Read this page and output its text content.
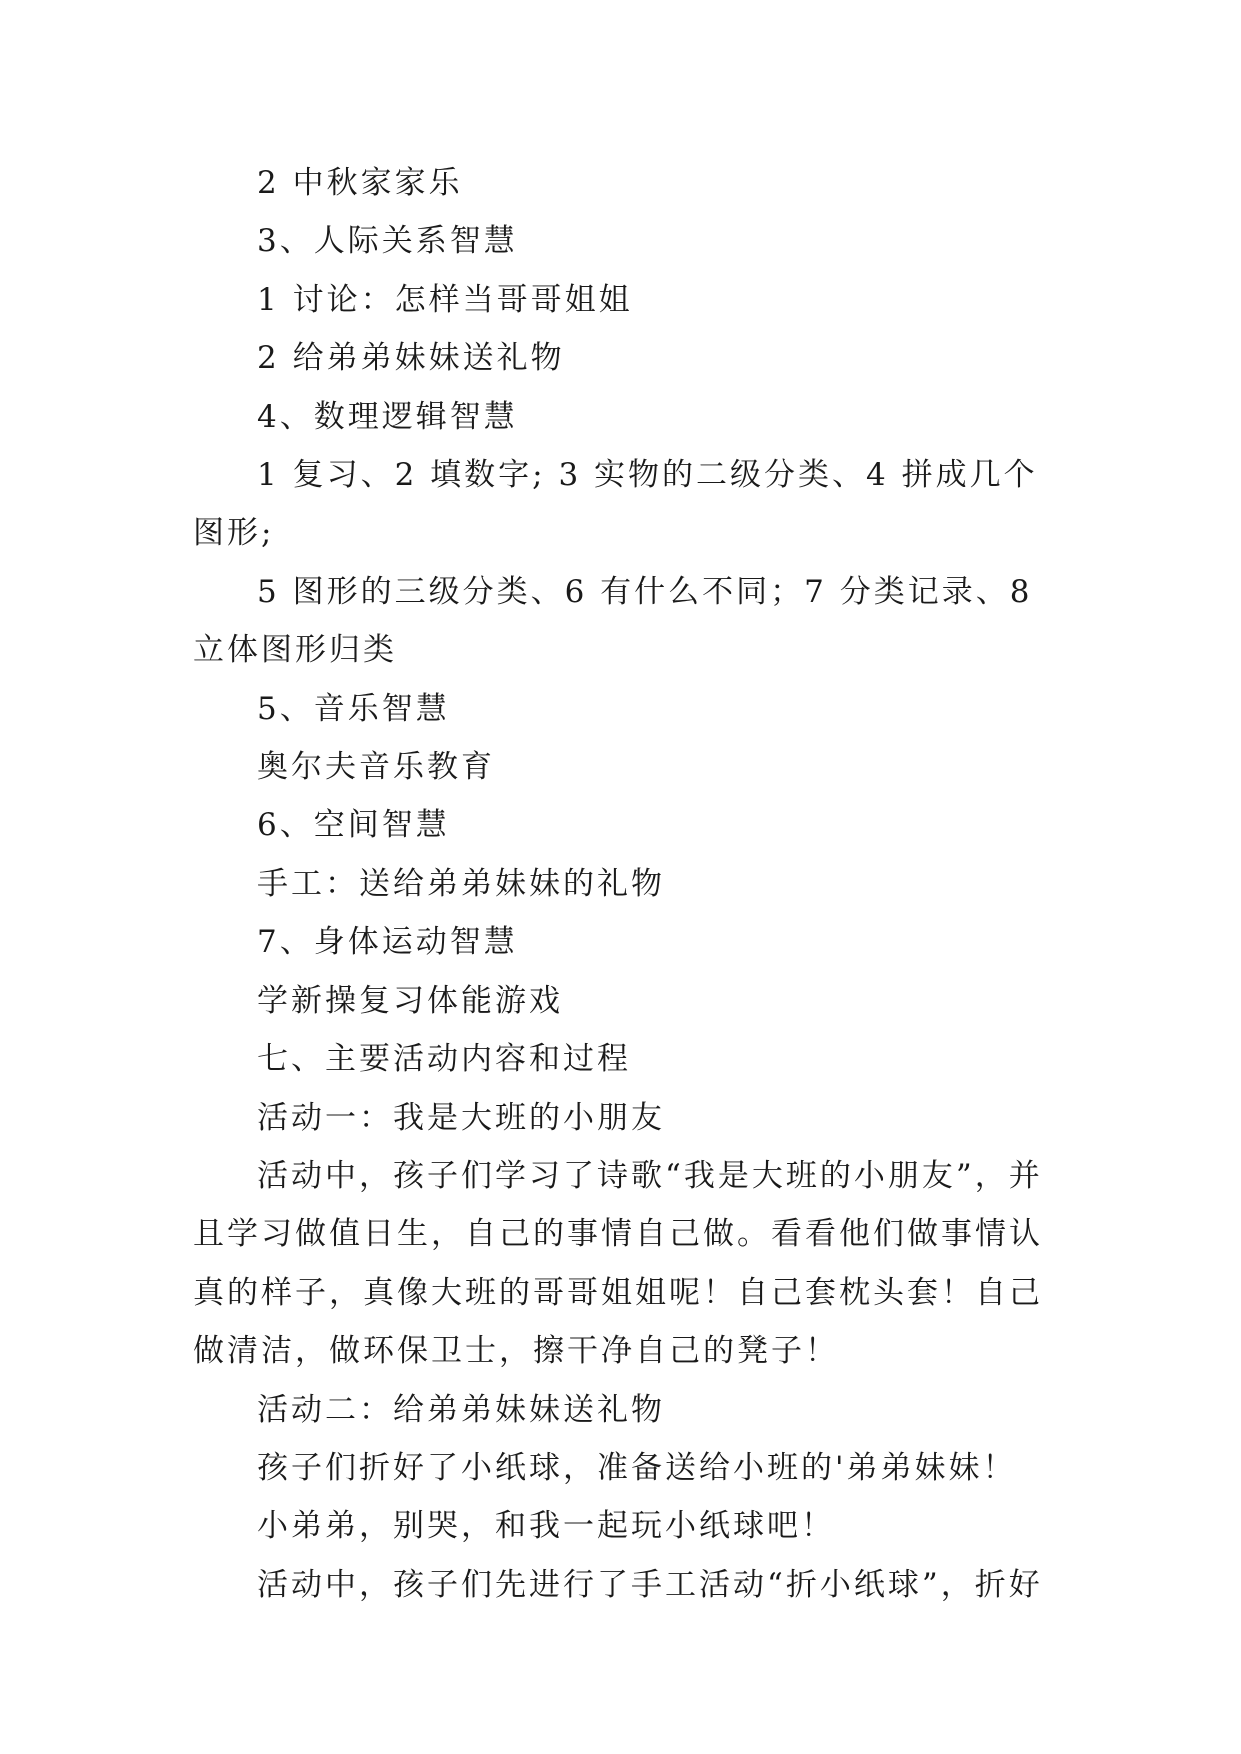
2 中秋家家乐

3、人际关系智慧

1 讨论：怎样当哥哥姐姐

2 给弟弟妹妹送礼物

4、数理逻辑智慧

1 复习、2 填数字; 3 实物的二级分类、4 拼成几个图形;

5 图形的三级分类、6 有什么不同；7 分类记录、8 立体图形归类

5、音乐智慧

奥尔夫音乐教育

6、空间智慧

手工：送给弟弟妹妹的礼物

7、身体运动智慧

学新操复习体能游戏

七、主要活动内容和过程

活动一：我是大班的小朋友

活动中，孩子们学习了诗歌“我是大班的小朋友”，并且学习做值日生，自己的事情自己做。看看他们做事情认真的样子，真像大班的哥哥姐姐呢！自己套枕头套！自己做清洁，做环保卫士，擦干净自己的凳子！

活动二：给弟弟妹妹送礼物

孩子们折好了小纸球，准备送给小班的'弟弟妹妹！

小弟弟，别哭，和我一起玩小纸球吧！

活动中，孩子们先进行了手工活动“折小纸球”，折好
